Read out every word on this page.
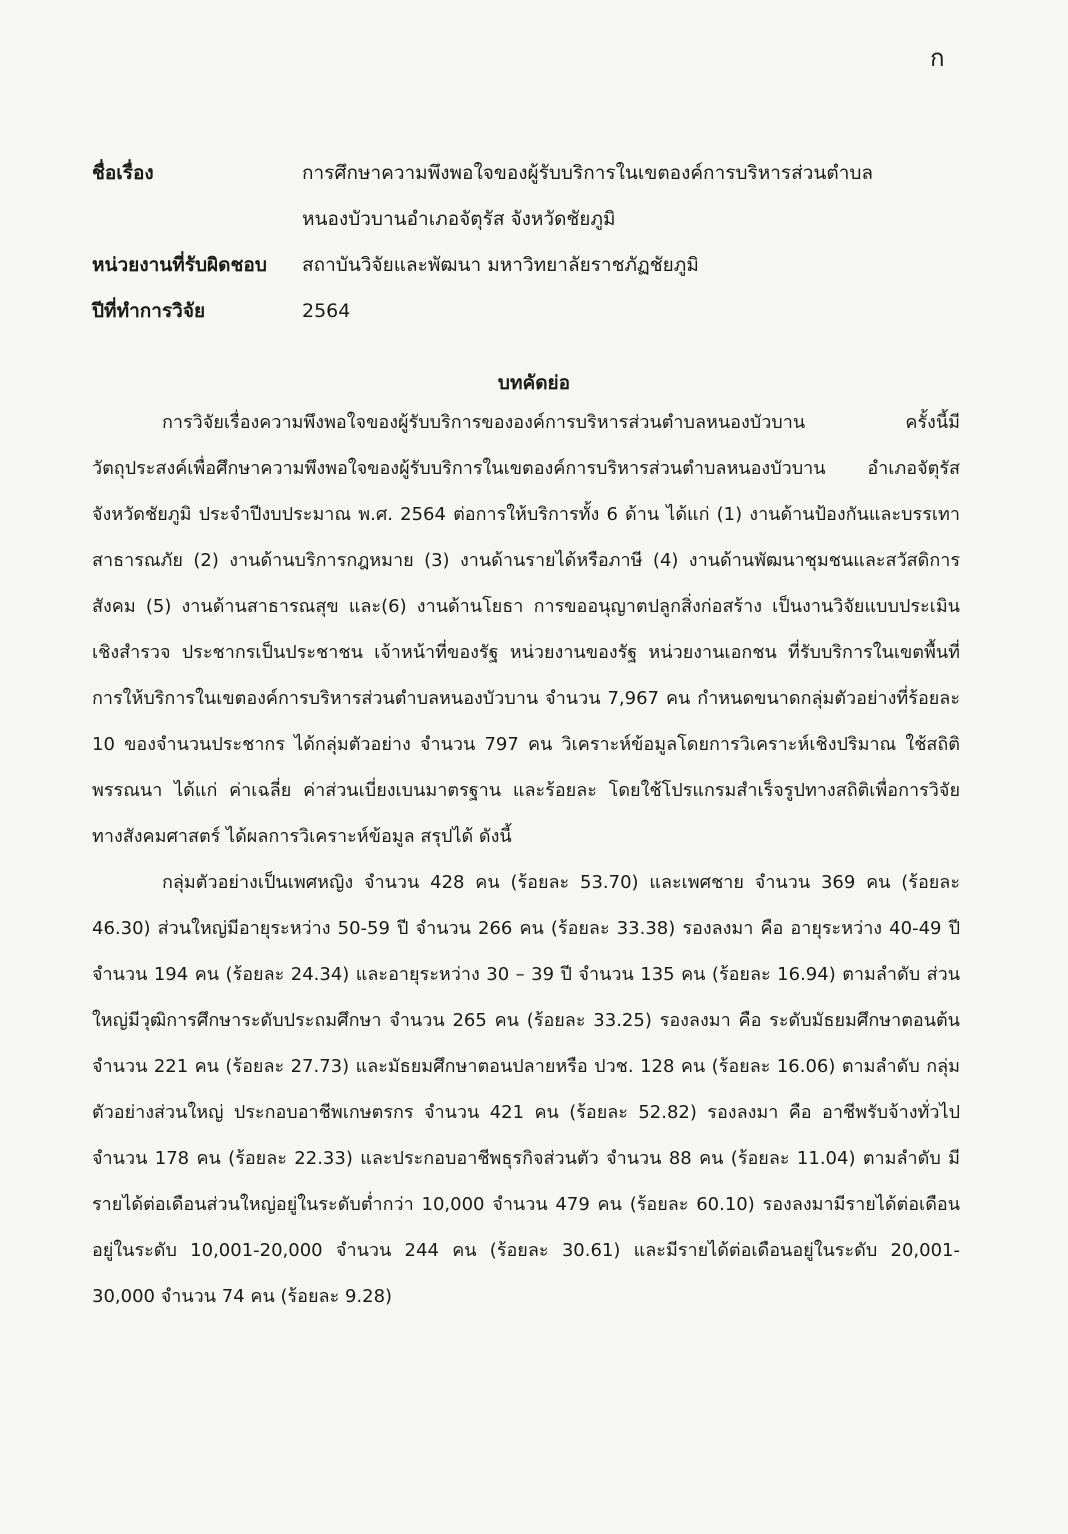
ก
ชื่อเรื่อง	การศึกษาความพึงพอใจของผู้รับบริการในเขตองค์การบริหารส่วนตำบล
หนองบัวบานอำเภอจัตุรัส จังหวัดชัยภูมิ
หน่วยงานที่รับผิดชอบ	สถาบันวิจัยและพัฒนา มหาวิทยาลัยราชภัฏชัยภูมิ
ปีที่ทำการวิจัย	2564
บทคัดย่อ

การวิจัยเรื่องความพึงพอใจของผู้รับบริการขององค์การบริหารส่วนตำบลหนองบัวบาน ครั้งนี้มีวัตถุประสงค์เพื่อศึกษาความพึงพอใจของผู้รับบริการในเขตองค์การบริหารส่วนตำบลหนองบัวบาน อำเภอจัตุรัส จังหวัดชัยภูมิ ประจำปีงบประมาณ พ.ศ. 2564 ต่อการให้บริการทั้ง 6 ด้าน ได้แก่ (1) งานด้านป้องกันและบรรเทาสาธารณภัย (2) งานด้านบริการกฎหมาย (3) งานด้านรายได้หรือภาษี (4) งานด้านพัฒนาชุมชนและสวัสดิการสังคม (5) งานด้านสาธารณสุข และ(6) งานด้านโยธา การขออนุญาตปลูกสิ่งก่อสร้าง เป็นงานวิจัยแบบประเมินเชิงสำรวจ ประชากรเป็นประชาชน เจ้าหน้าที่ของรัฐ หน่วยงานของรัฐ หน่วยงานเอกชน ที่รับบริการในเขตพื้นที่การให้บริการในเขตองค์การบริหารส่วนตำบลหนองบัวบาน จำนวน 7,967 คน กำหนดขนาดกลุ่มตัวอย่างที่ร้อยละ 10 ของจำนวนประชากร ได้กลุ่มตัวอย่าง จำนวน 797 คน วิเคราะห์ข้อมูลโดยการวิเคราะห์เชิงปริมาณ ใช้สถิติพรรณนา ได้แก่ ค่าเฉลี่ย ค่าส่วนเบี่ยงเบนมาตรฐาน และร้อยละ โดยใช้โปรแกรมสำเร็จรูปทางสถิติเพื่อการวิจัยทางสังคมศาสตร์ ได้ผลการวิเคราะห์ข้อมูล สรุปได้ ดังนี้

กลุ่มตัวอย่างเป็นเพศหญิง จำนวน 428 คน (ร้อยละ 53.70) และเพศชาย จำนวน 369 คน (ร้อยละ 46.30) ส่วนใหญ่มีอายุระหว่าง 50-59 ปี จำนวน 266 คน (ร้อยละ 33.38) รองลงมา คือ อายุระหว่าง 40-49 ปี จำนวน 194 คน (ร้อยละ 24.34) และอายุระหว่าง 30 – 39 ปี จำนวน 135 คน (ร้อยละ 16.94) ตามลำดับ ส่วนใหญ่มีวุฒิการศึกษาระดับประถมศึกษา จำนวน 265 คน (ร้อยละ 33.25) รองลงมา คือ ระดับมัธยมศึกษาตอนต้น จำนวน 221 คน (ร้อยละ 27.73) และมัธยมศึกษาตอนปลายหรือ ปวช. 128 คน (ร้อยละ 16.06) ตามลำดับ กลุ่มตัวอย่างส่วนใหญ่ ประกอบอาชีพเกษตรกร จำนวน 421 คน (ร้อยละ 52.82) รองลงมา คือ อาชีพรับจ้างทั่วไป จำนวน 178 คน (ร้อยละ 22.33) และประกอบอาชีพธุรกิจส่วนตัว จำนวน 88 คน (ร้อยละ 11.04) ตามลำดับ มีรายได้ต่อเดือนส่วนใหญ่อยู่ในระดับต่ำกว่า 10,000 จำนวน 479 คน (ร้อยละ 60.10) รองลงมามีรายได้ต่อเดือนอยู่ในระดับ 10,001-20,000 จำนวน 244 คน (ร้อยละ 30.61) และมีรายได้ต่อเดือนอยู่ในระดับ 20,001-30,000 จำนวน 74 คน (ร้อยละ 9.28)
